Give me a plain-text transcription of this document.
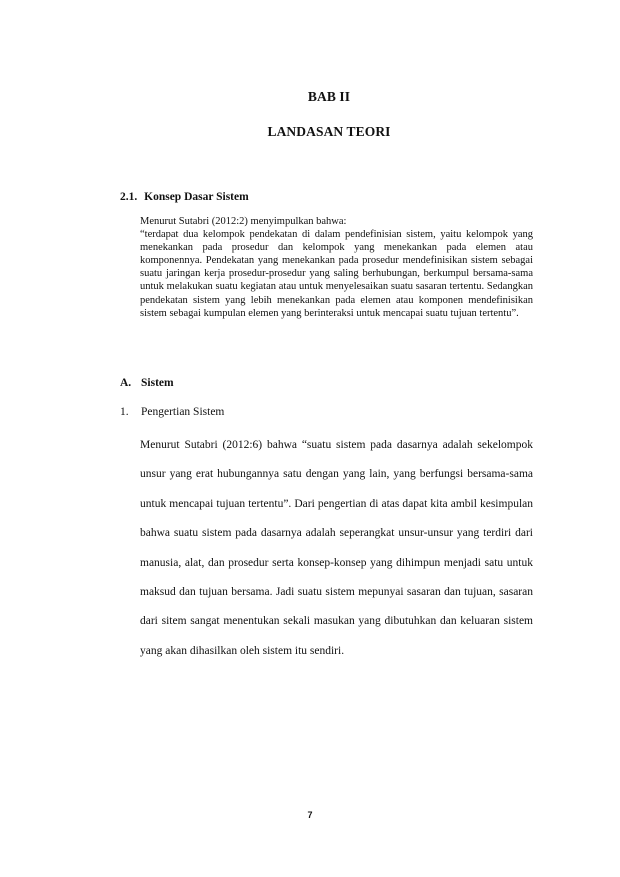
BAB II
LANDASAN TEORI
2.1. Konsep Dasar Sistem

Menurut Sutabri (2012:2) menyimpulkan bahwa:

“terdapat dua kelompok pendekatan di dalam pendefinisian sistem, yaitu kelompok yang menekankan pada prosedur dan kelompok yang menekankan pada elemen atau komponennya. Pendekatan yang menekankan pada prosedur mendefinisikan sistem sebagai suatu jaringan kerja prosedur-prosedur yang saling berhubungan, berkumpul bersama-sama untuk melakukan suatu kegiatan atau untuk menyelesaikan suatu sasaran tertentu. Sedangkan pendekatan sistem yang lebih menekankan pada elemen atau komponen mendefinisikan sistem sebagai kumpulan elemen yang berinteraksi untuk mencapai suatu tujuan tertentu”.

A. Sistem
1. Pengertian Sistem

Menurut Sutabri (2012:6) bahwa “suatu sistem pada dasarnya adalah sekelompok unsur yang erat hubungannya satu dengan yang lain, yang berfungsi bersama-sama untuk mencapai tujuan tertentu”. Dari pengertian di atas dapat kita ambil kesimpulan bahwa suatu sistem pada dasarnya adalah seperangkat unsur-unsur yang terdiri dari manusia, alat, dan prosedur serta konsep-konsep yang dihimpun menjadi satu untuk maksud dan tujuan bersama. Jadi suatu sistem mepunyai sasaran dan tujuan, sasaran dari sitem sangat menentukan sekali masukan yang dibutuhkan dan keluaran sistem yang akan dihasilkan oleh sistem itu sendiri.

7
